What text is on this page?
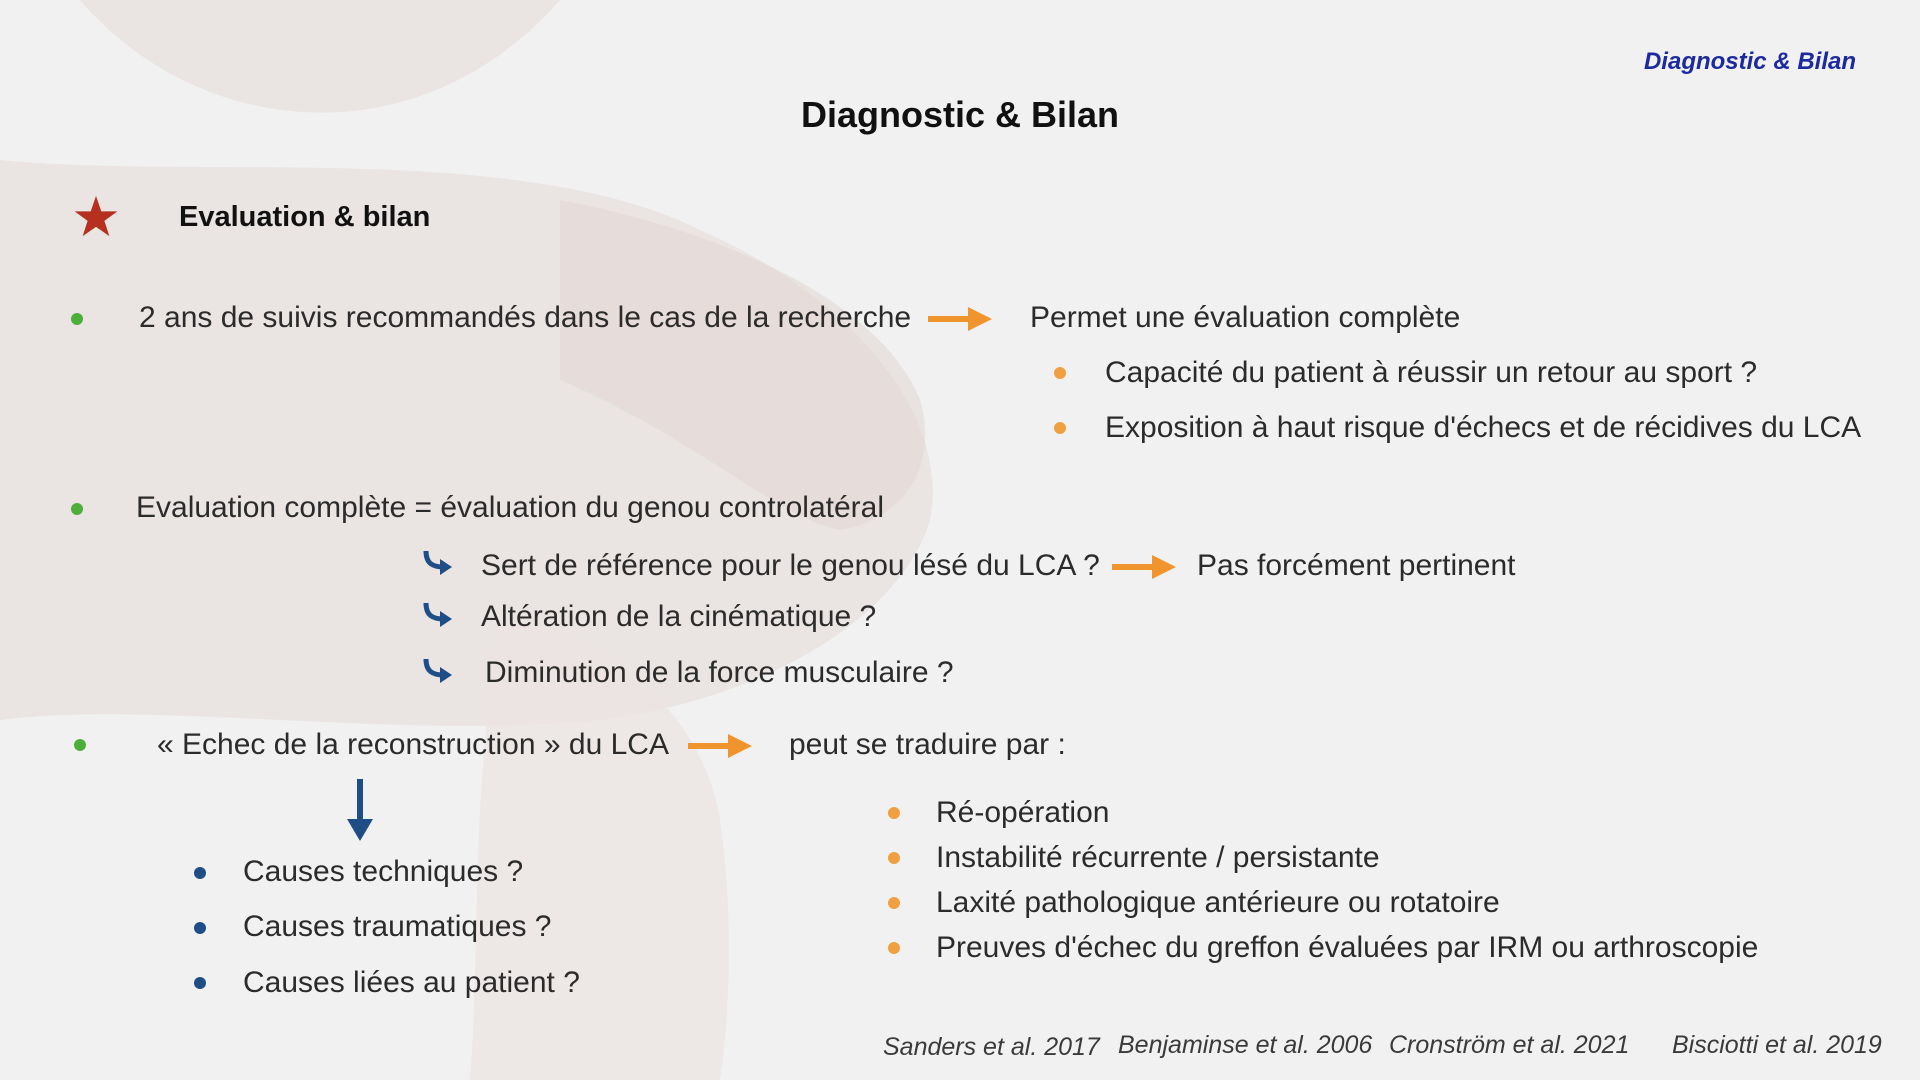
Diagnostic & Bilan
Diagnostic & Bilan
Evaluation & bilan
2 ans de suivis recommandés dans le cas de la recherche	Permet une évaluation complète
Capacité du patient à réussir un retour au sport ?
Exposition à haut risque d'échecs et de récidives du LCA
Evaluation complète = évaluation du genou controlatéral
Sert de référence pour le genou lésé du LCA ?	Pas forcément pertinent
Altération de la cinématique ?
Diminution de la force musculaire ?
« Echec de la reconstruction » du LCA	peut se traduire par :
Causes techniques ?
Causes traumatiques ?
Causes liées au patient ?
Ré-opération
Instabilité récurrente / persistante
Laxité pathologique antérieure ou rotatoire
Preuves d'échec du greffon évaluées par IRM ou arthroscopie
Sanders et al. 2017 Benjaminse et al. 2006 Cronström et al. 2021 Bisciotti et al. 2019
